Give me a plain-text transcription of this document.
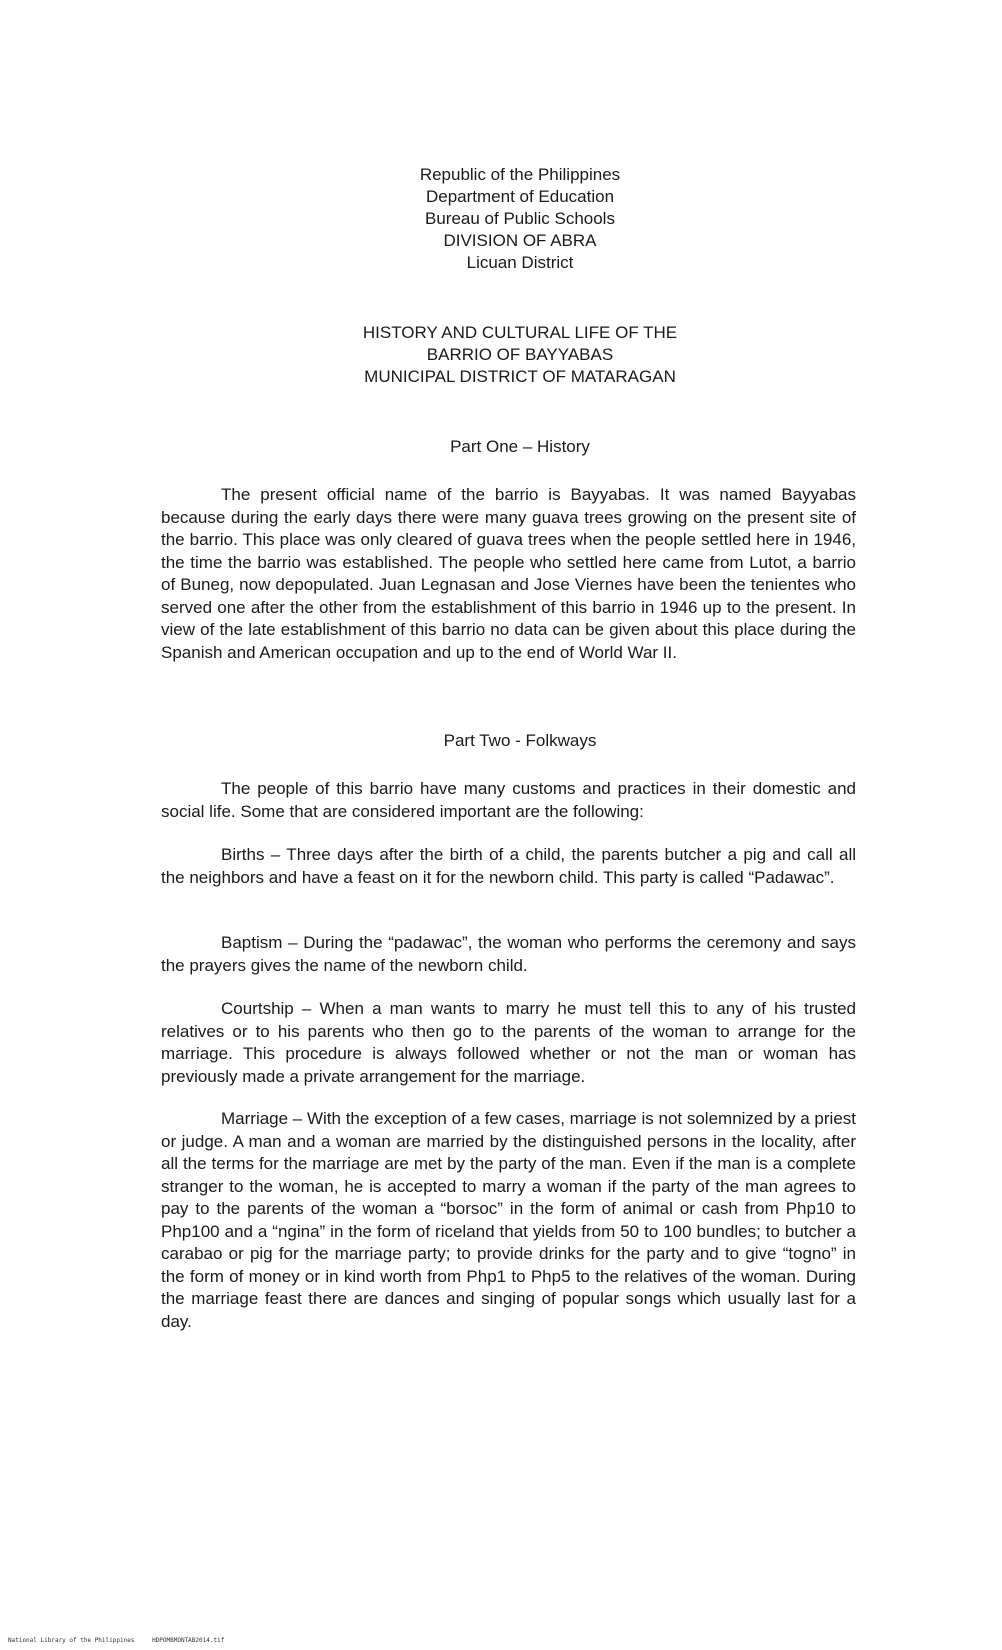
Republic of the Philippines
Department of Education
Bureau of Public Schools
DIVISION OF ABRA
Licuan District
HISTORY AND CULTURAL LIFE OF THE
BARRIO OF BAYYABAS
MUNICIPAL DISTRICT OF MATARAGAN
Part One – History

The present official name of the barrio is Bayyabas. It was named Bayyabas because during the early days there were many guava trees growing on the present site of the barrio. This place was only cleared of guava trees when the people settled here in 1946, the time the barrio was established. The people who settled here came from Lutot, a barrio of Buneg, now depopulated. Juan Legnasan and Jose Viernes have been the tenientes who served one after the other from the establishment of this barrio in 1946 up to the present. In view of the late establishment of this barrio no data can be given about this place during the Spanish and American occupation and up to the end of World War II.

Part Two - Folkways

The people of this barrio have many customs and practices in their domestic and social life. Some that are considered important are the following:

Births – Three days after the birth of a child, the parents butcher a pig and call all the neighbors and have a feast on it for the newborn child. This party is called “Padawac”.

Baptism – During the “padawac”, the woman who performs the ceremony and says the prayers gives the name of the newborn child.

Courtship – When a man wants to marry he must tell this to any of his trusted relatives or to his parents who then go to the parents of the woman to arrange for the marriage. This procedure is always followed whether or not the man or woman has previously made a private arrangement for the marriage.

Marriage – With the exception of a few cases, marriage is not solemnized by a priest or judge. A man and a woman are married by the distinguished persons in the locality, after all the terms for the marriage are met by the party of the man. Even if the man is a complete stranger to the woman, he is accepted to marry a woman if the party of the man agrees to pay to the parents of the woman a “borsoc” in the form of animal or cash from Php10 to Php100 and a “ngina” in the form of riceland that yields from 50 to 100 bundles; to butcher a carabao or pig for the marriage party; to provide drinks for the party and to give “togno” in the form of money or in kind worth from Php1 to Php5 to the relatives of the woman. During the marriage feast there are dances and singing of popular songs which usually last for a day.

National Library of the Philippines	HDPOMBMONTAB2014.tif
